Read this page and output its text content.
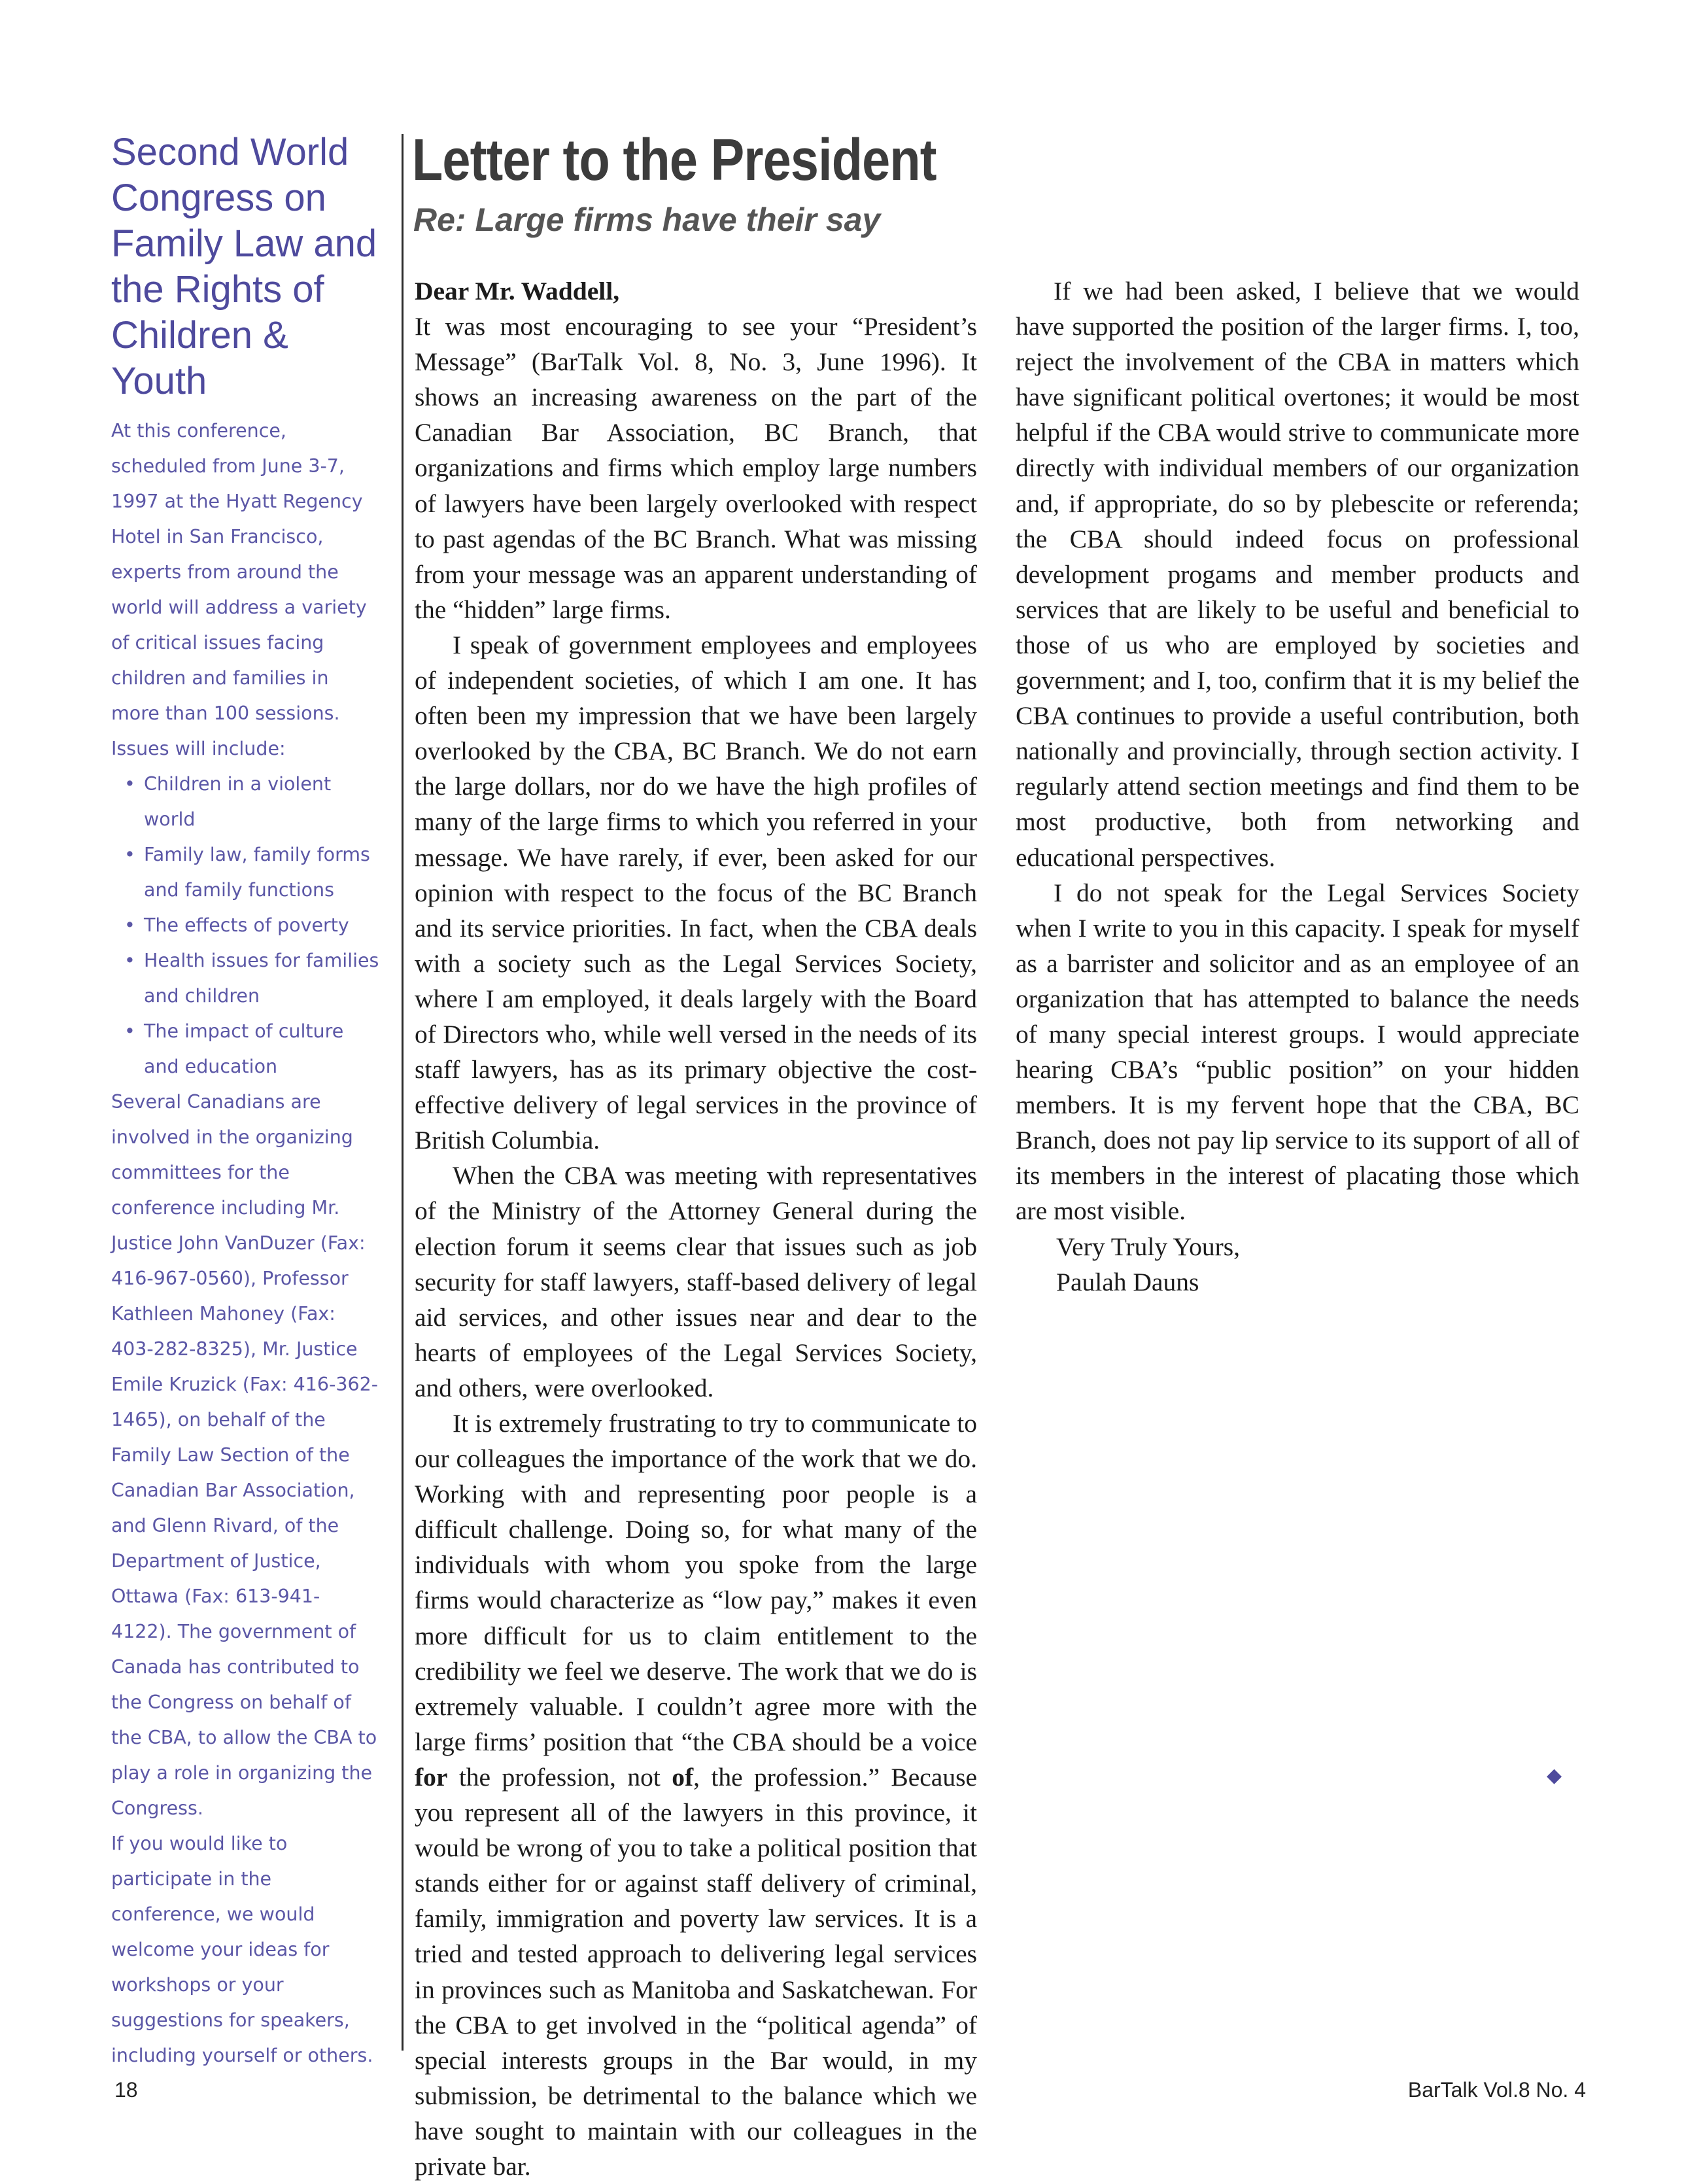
Second World Congress on Family Law and the Rights of Children & Youth

At this conference, scheduled from June 3-7, 1997 at the Hyatt Regency Hotel in San Francisco, experts from around the world will address a variety of critical issues facing children and families in more than 100 sessions. Issues will include:

• Children in a violent world
• Family law, family forms and family functions
• The effects of poverty
• Health issues for families and children
• The impact of culture and education

Several Canadians are involved in the organizing committees for the conference including Mr. Justice John VanDuzer (Fax: 416-967-0560), Professor Kathleen Mahoney (Fax: 403-282-8325), Mr. Justice Emile Kruzick (Fax: 416-362-1465), on behalf of the Family Law Section of the Canadian Bar Association, and Glenn Rivard, of the Department of Justice, Ottawa (Fax: 613-941-4122). The government of Canada has contributed to the Congress on behalf of the CBA, to allow the CBA to play a role in organizing the Congress.

If you would like to participate in the conference, we would welcome your ideas for workshops or your suggestions for speakers, including yourself or others.

Letter to the President
Re: Large firms have their say

Dear Mr. Waddell,

It was most encouraging to see your “President’s Message” (BarTalk Vol. 8, No. 3, June 1996). It shows an increasing awareness on the part of the Canadian Bar Association, BC Branch, that organizations and firms which employ large numbers of lawyers have been largely overlooked with respect to past agendas of the BC Branch. What was missing from your message was an apparent understanding of the “hidden” large firms.

I speak of government employees and employees of independent societies, of which I am one. It has often been my impression that we have been largely overlooked by the CBA, BC Branch. We do not earn the large dollars, nor do we have the high profiles of many of the large firms to which you referred in your message. We have rarely, if ever, been asked for our opinion with respect to the focus of the BC Branch and its service priorities. In fact, when the CBA deals with a society such as the Legal Services Society, where I am employed, it deals largely with the Board of Directors who, while well versed in the needs of its staff lawyers, has as its primary objective the cost-effective delivery of legal services in the province of British Columbia.

When the CBA was meeting with representatives of the Ministry of the Attorney General during the election forum it seems clear that issues such as job security for staff lawyers, staff-based delivery of legal aid services, and other issues near and dear to the hearts of employees of the Legal Services Society, and others, were overlooked.

It is extremely frustrating to try to communicate to our colleagues the importance of the work that we do. Working with and representing poor people is a difficult challenge. Doing so, for what many of the individuals with whom you spoke from the large firms would characterize as “low pay,” makes it even more difficult for us to claim entitlement to the credibility we feel we deserve. The work that we do is extremely valuable. I couldn’t agree more with the large firms’ position that “the CBA should be a voice for the profession, not of, the profession.” Because you represent all of the lawyers in this province, it would be wrong of you to take a political position that stands either for or against staff delivery of criminal, family, immigration and poverty law services. It is a tried and tested approach to delivering legal services in provinces such as Manitoba and Saskatchewan. For the CBA to get involved in the “political agenda” of special interests groups in the Bar would, in my submission, be detrimental to the balance which we have sought to maintain with our colleagues in the private bar.

If we had been asked, I believe that we would have supported the position of the larger firms. I, too, reject the involvement of the CBA in matters which have significant political overtones; it would be most helpful if the CBA would strive to communicate more directly with individual members of our organization and, if appropriate, do so by plebescite or referenda; the CBA should indeed focus on professional development progams and member products and services that are likely to be useful and beneficial to those of us who are employed by societies and government; and I, too, confirm that it is my belief the CBA continues to provide a useful contribution, both nationally and provincially, through section activity. I regularly attend section meetings and find them to be most productive, both from networking and educational perspectives.

I do not speak for the Legal Services Society when I write to you in this capacity. I speak for myself as a barrister and solicitor and as an employee of an organization that has attempted to balance the needs of many special interest groups. I would appreciate hearing CBA’s “public position” on your hidden members. It is my fervent hope that the CBA, BC Branch, does not pay lip service to its support of all of its members in the interest of placating those which are most visible.

Very Truly Yours,

Paulah Dauns

◆
18	BarTalk Vol.8 No. 4
